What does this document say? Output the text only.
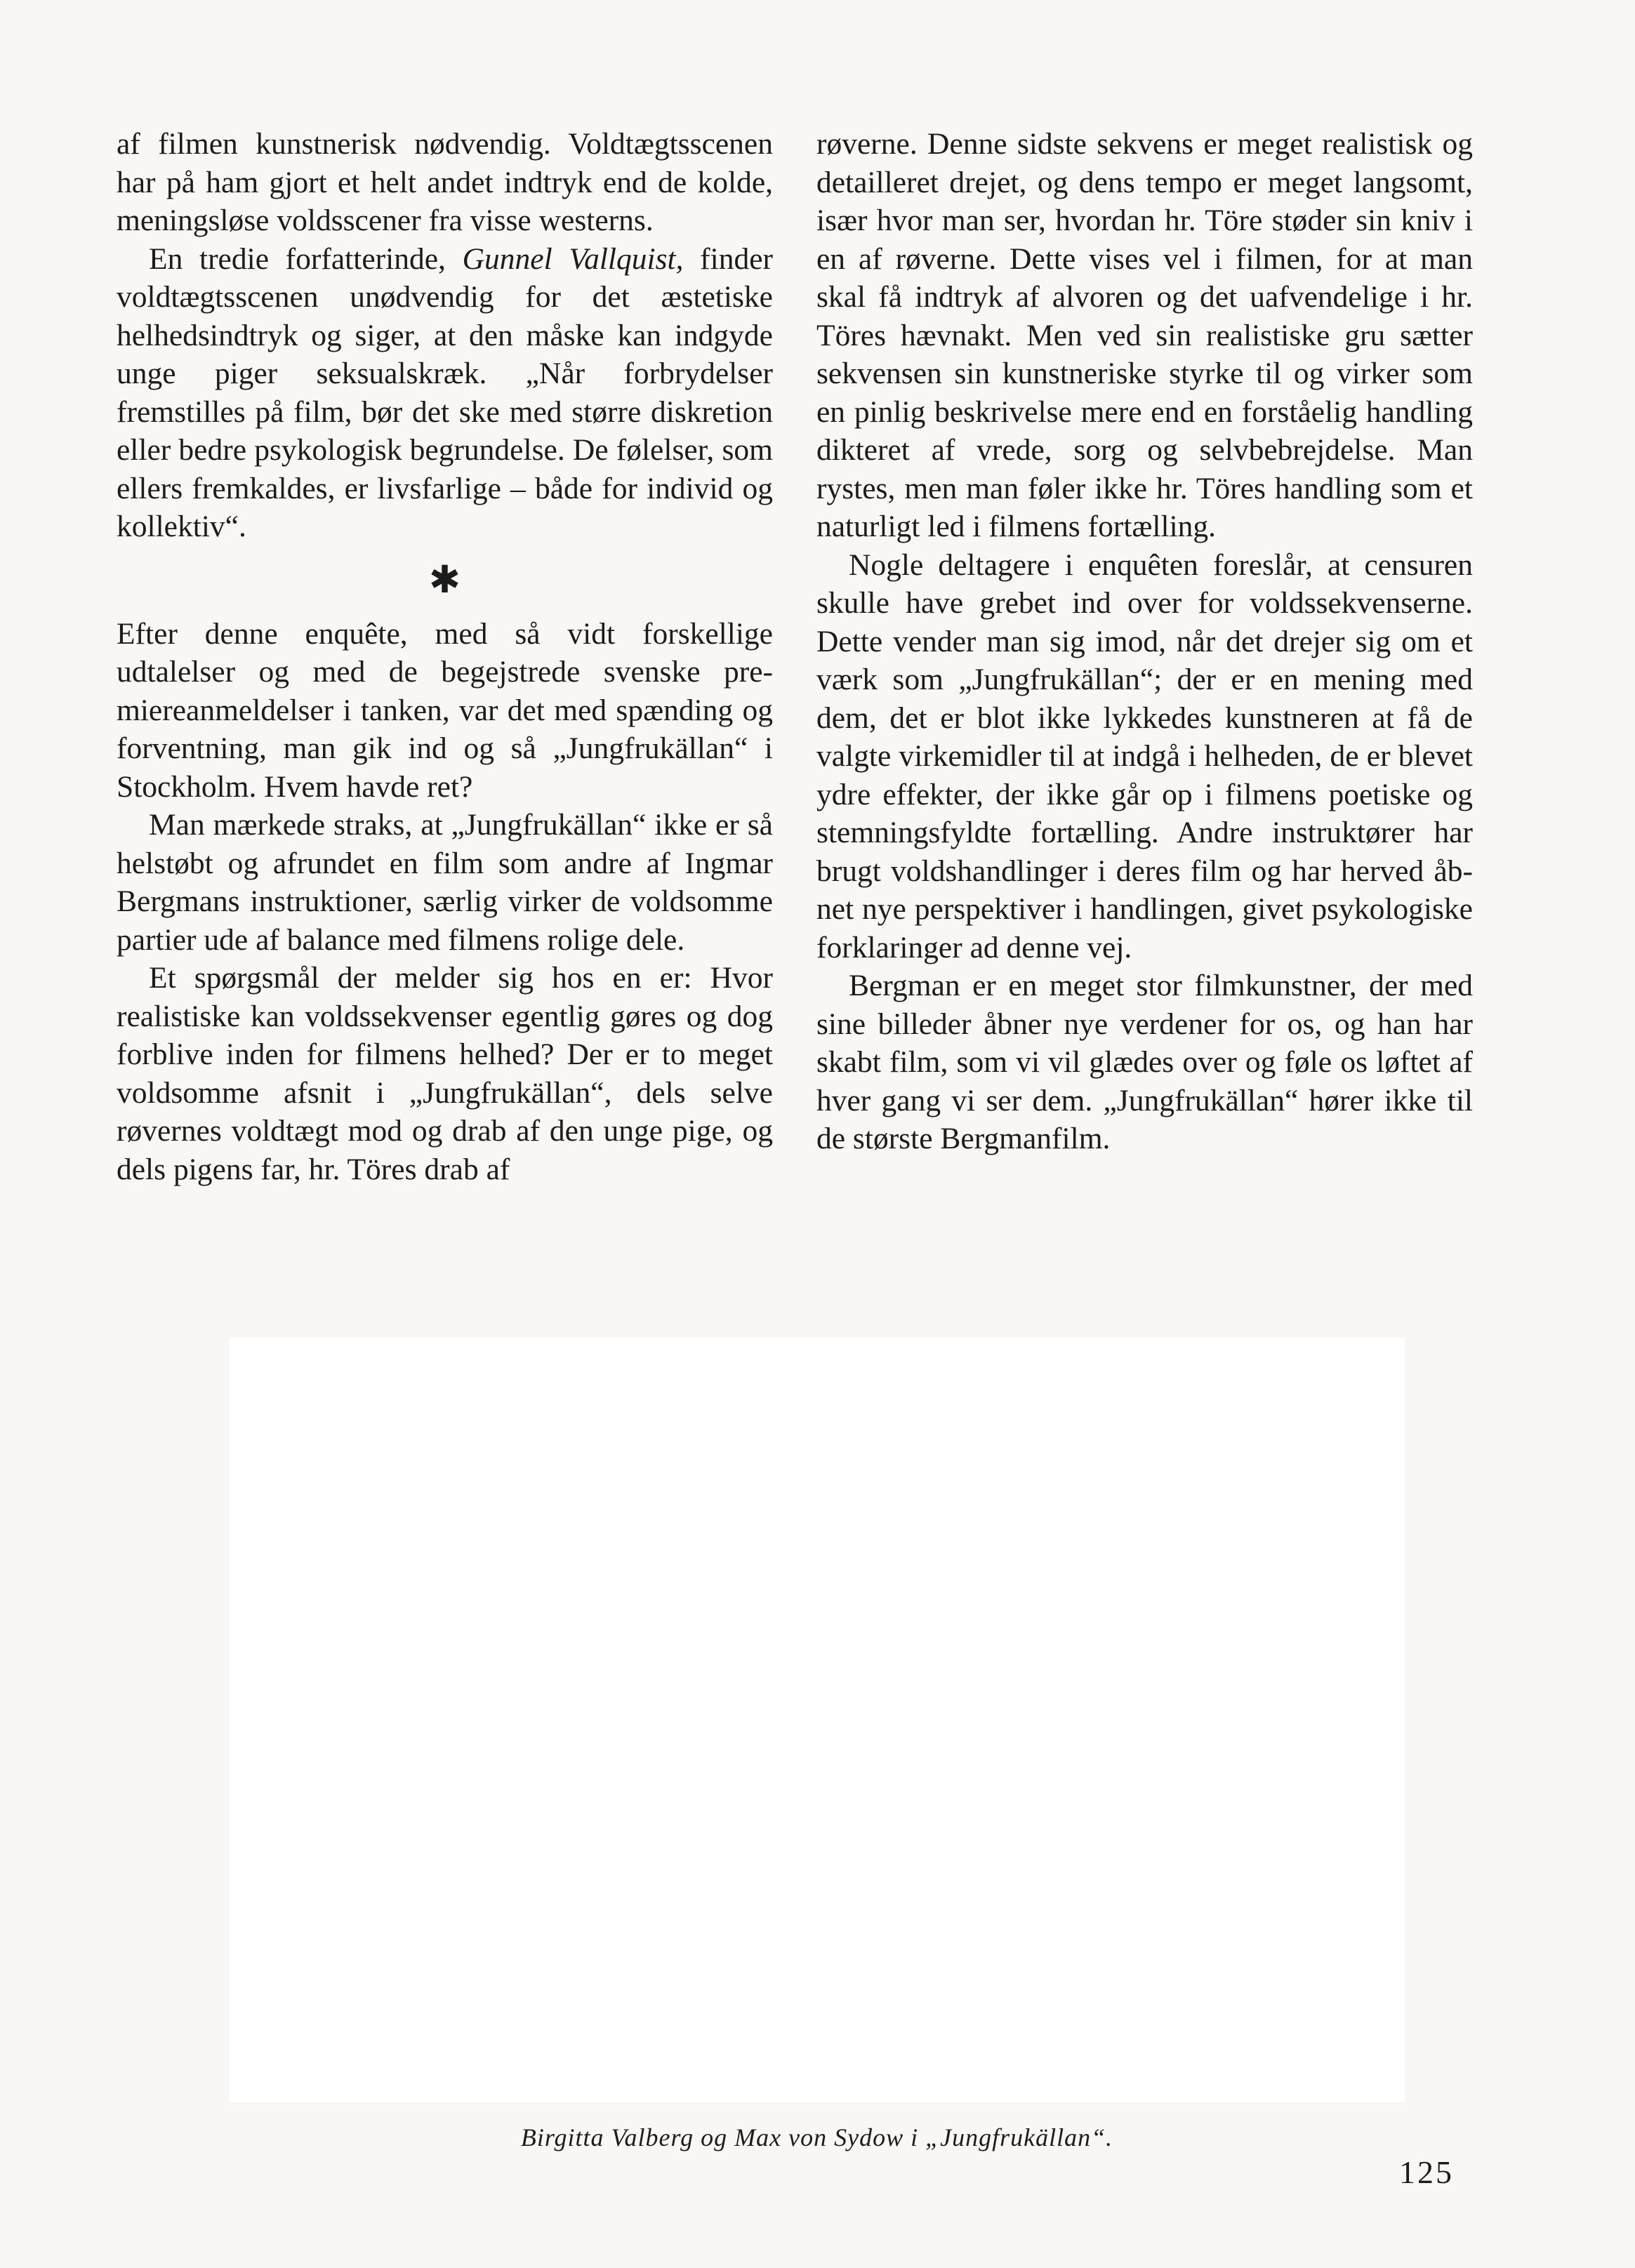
af filmen kunstnerisk nødvendig. Voldtægtsscenen har på ham gjort et helt andet indtryk end de kolde, meningsløse voldsscener fra visse westerns.

En tredie forfatterinde, Gunnel Vallquist, finder voldtægtsscenen unødvendig for det æstetiske helhedsindtryk og siger, at den måske kan indgyde unge piger seksualskræk. „Når forbrydelser fremstilles på film, bør det ske med større diskretion eller bedre psykologisk begrundelse. De følelser, som ellers fremkaldes, er livsfarlige – både for individ og kollektiv“.

✱

Efter denne enquête, med så vidt forskellige udtalelser og med de begejstrede svenske premiereanmeldelser i tanken, var det med spænding og forventning, man gik ind og så „Jungfrukällan“ i Stockholm. Hvem havde ret?

Man mærkede straks, at „Jungfrukällan“ ikke er så helstøbt og afrundet en film som andre af Ingmar Bergmans instruktioner, særlig virker de voldsomme partier ude af balance med filmens rolige dele.

Et spørgsmål der melder sig hos en er: Hvor realistiske kan voldssekvenser egentlig gøres og dog forblive inden for filmens helhed? Der er to meget voldsomme afsnit i „Jungfrukällan“, dels selve røvernes voldtægt mod og drab af den unge pige, og dels pigens far, hr. Töres drab af

røverne. Denne sidste sekvens er meget realistisk og detailleret drejet, og dens tempo er meget langsomt, især hvor man ser, hvordan hr. Töre støder sin kniv i en af røverne. Dette vises vel i filmen, for at man skal få indtryk af alvoren og det uafvendelige i hr. Töres hævnakt. Men ved sin realistiske gru sætter sekvensen sin kunstneriske styrke til og virker som en pinlig beskrivelse mere end en forståelig handling dikteret af vrede, sorg og selvbebrejdelse. Man rystes, men man føler ikke hr. Töres handling som et naturligt led i filmens fortælling.

Nogle deltagere i enquêten foreslår, at censuren skulle have grebet ind over for voldssekvenserne. Dette vender man sig imod, når det drejer sig om et værk som „Jungfrukällan“; der er en mening med dem, det er blot ikke lykkedes kunstneren at få de valgte virkemidler til at indgå i helheden, de er blevet ydre effekter, der ikke går op i filmens poetiske og stemningsfyldte fortælling. Andre instruktører har brugt voldshandlinger i deres film og har herved åbnet nye perspektiver i handlingen, givet psykologiske forklaringer ad denne vej.

Bergman er en meget stor filmkunstner, der med sine billeder åbner nye verdener for os, og han har skabt film, som vi vil glædes over og føle os løftet af hver gang vi ser dem. „Jungfrukällan“ hører ikke til de største Bergmanfilm.

Birgitta Valberg og Max von Sydow i „Jungfrukällan“.
125
